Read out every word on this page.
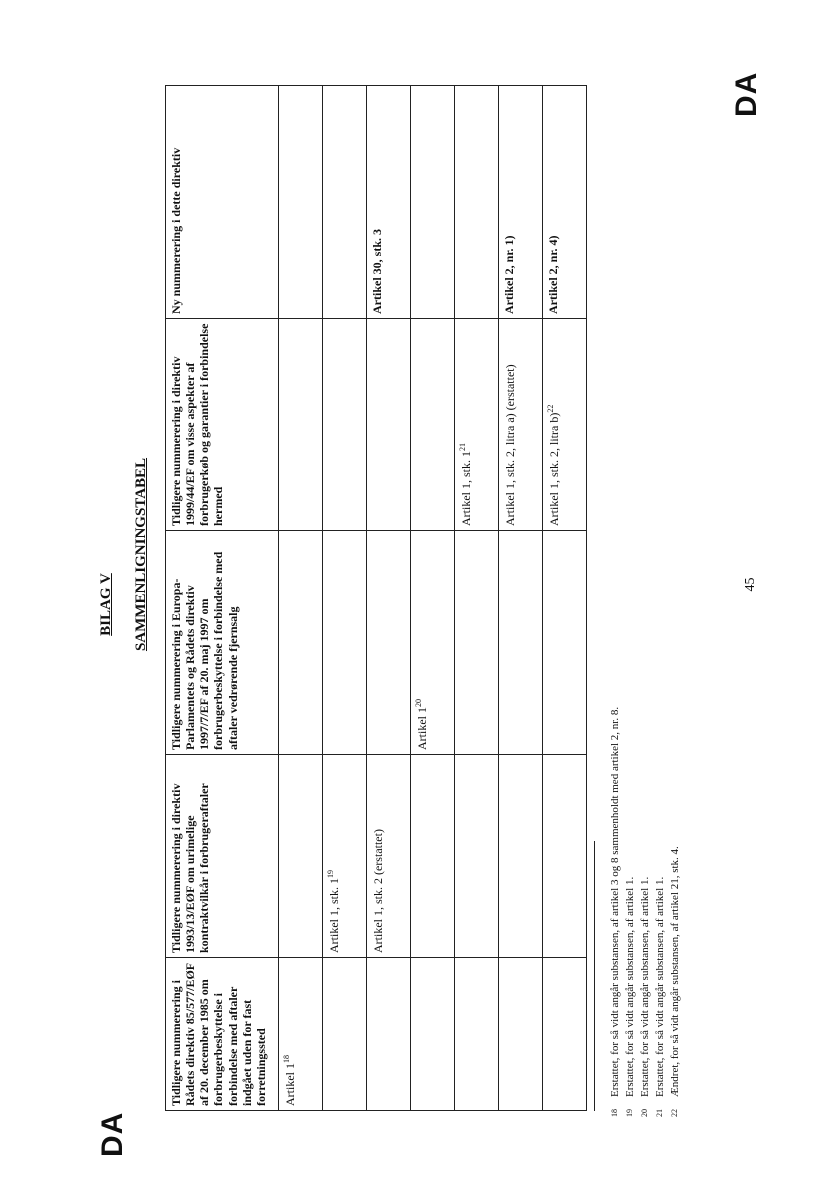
DA
DA
BILAG V SAMMENLIGNINGSTABEL
Tidligere nummerering i Rådets direktiv 85/577/EØF af 20. december 1985 om forbrugerbeskyttelse i forbindelse med aftaler indgået uden for fast forretningssted	Tidligere nummerering i direktiv 1993/13/EØF om urimelige kontraktvilkår i forbrugeraftaler	Tidligere nummerering i Europa-Parlamentets og Rådets direktiv 1997/7/EF af 20. maj 1997 om forbrugerbeskyttelse i forbindelse med aftaler vedrørende fjernsalg	Tidligere nummerering i direktiv 1999/44/EF om visse aspekter af forbrugerkøb og garantier i forbindelse hermed	Ny nummerering i dette direktiv
Artikel $1^{18}$				
	Artikel 1, stk. $1^{19}$			
	Artikel 1, stk. 2 (erstattet)			Artikel 30, stk. 3
		Artikel $1^{20}$		
			Artikel 1, stk. $1^{21}$	
			Artikel 1, stk. 2, litra a) (erstattet)	Artikel 2, nr. 1)
			Artikel 1, stk. 2, litra b)$^{22}$	Artikel 2, nr. 4)
18
Erstattet, for så vidt angår substansen, af artikel 3 og 8 sammenholdt med artikel 2, nr. 8.
19
Erstattet, for så vidt angår substansen, af artikel 1.
20
Erstattet, for så vidt angår substansen, af artikel 1.
21
Erstattet, for så vidt angår substansen, af artikel 1.
22
Ændret, for så vidt angår substansen, af artikel 21, stk. 4.
45
